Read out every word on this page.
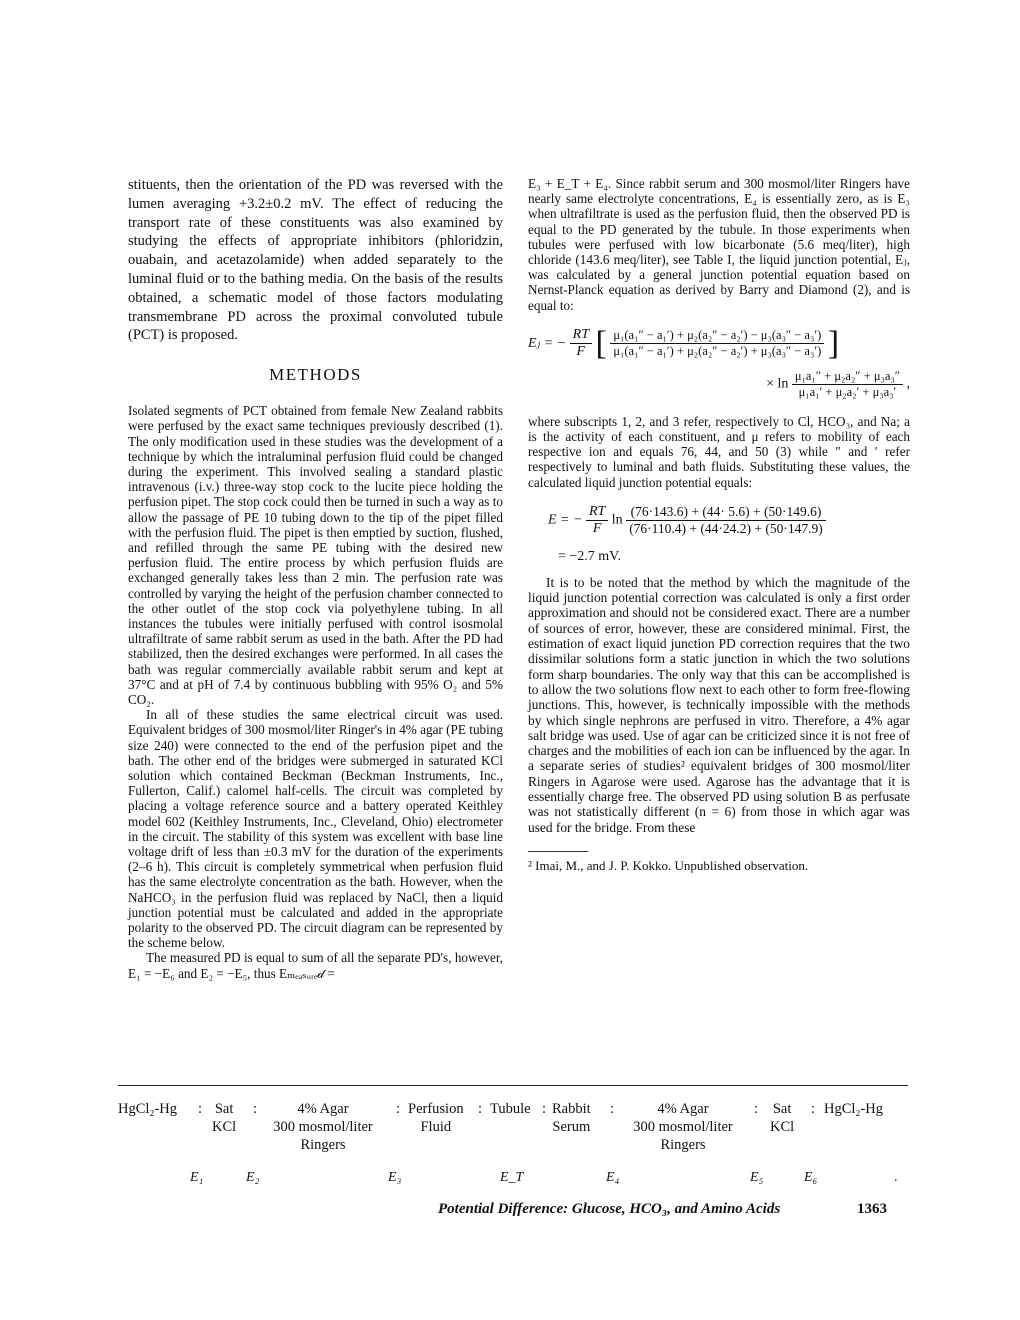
stituents, then the orientation of the PD was reversed with the lumen averaging +3.2±0.2 mV. The effect of reducing the transport rate of these constituents was also examined by studying the effects of appropriate inhibitors (phloridzin, ouabain, and acetazolamide) when added separately to the luminal fluid or to the bathing media. On the basis of the results obtained, a schematic model of those factors modulating transmembrane PD across the proximal convoluted tubule (PCT) is proposed.

METHODS

Isolated segments of PCT obtained from female New Zealand rabbits were perfused by the exact same techniques previously described (1). The only modification used in these studies was the development of a technique by which the intraluminal perfusion fluid could be changed during the experiment. This involved sealing a standard plastic intravenous (i.v.) three-way stop cock to the lucite piece holding the perfusion pipet. The stop cock could then be turned in such a way as to allow the passage of PE 10 tubing down to the tip of the pipet filled with the perfusion fluid. The pipet is then emptied by suction, flushed, and refilled through the same PE tubing with the desired new perfusion fluid. The entire process by which perfusion fluids are exchanged generally takes less than 2 min. The perfusion rate was controlled by varying the height of the perfusion chamber connected to the other outlet of the stop cock via polyethylene tubing. In all instances the tubules were initially perfused with control isosmolal ultrafiltrate of same rabbit serum as used in the bath. After the PD had stabilized, then the desired exchanges were performed. In all cases the bath was regular commercially available rabbit serum and kept at 37°C and at pH of 7.4 by continuous bubbling with 95% O₂ and 5% CO₂.

In all of these studies the same electrical circuit was used. Equivalent bridges of 300 mosmol/liter Ringer's in 4% agar (PE tubing size 240) were connected to the end of the perfusion pipet and the bath. The other end of the bridges were submerged in saturated KCl solution which contained Beckman (Beckman Instruments, Inc., Fullerton, Calif.) calomel half-cells. The circuit was completed by placing a voltage reference source and a battery operated Keithley model 602 (Keithley Instruments, Inc., Cleveland, Ohio) electrometer in the circuit. The stability of this system was excellent with base line voltage drift of less than ±0.3 mV for the duration of the experiments (2–6 h). This circuit is completely symmetrical when perfusion fluid has the same electrolyte concentration as the bath. However, when the NaHCO₃ in the perfusion fluid was replaced by NaCl, then a liquid junction potential must be calculated and added in the appropriate polarity to the observed PD. The circuit diagram can be represented by the scheme below.

The measured PD is equal to sum of all the separate PD's, however, E₁ = −E₆ and E₂ = −E₅, thus Eₘₑₐₛᵤᵣₑ𝒹 =

E₃ + E_T + E₄. Since rabbit serum and 300 mosmol/liter Ringers have nearly same electrolyte concentrations, E₄ is essentially zero, as is E₃ when ultrafiltrate is used as the perfusion fluid, then the observed PD is equal to the PD generated by the tubule. In those experiments when tubules were perfused with low bicarbonate (5.6 meq/liter), high chloride (143.6 meq/liter), see Table I, the liquid junction potential, Eⱼ, was calculated by a general junction potential equation based on Nernst-Planck equation as derived by Barry and Diamond (2), and is equal to:

Eⱼ = − $\frac{RT}{F}$ [ $\frac{\text{μ₁(a₁″ − a₁′) + μ₂(a₂″ − a₂′) − μ₃(a₃″ − a₃′)}}{\text{μ₁(a₁″ − a₁′) + μ₂(a₂″ − a₂′) + μ₃(a₃″ − a₃′)}}$ ]
× $\ln \frac{\text{μ₁a₁″ + μ₂a₂″ + μ₃a₃″}}{\text{μ₁a₁′ + μ₂a₂′ + μ₃a₃′}}$ ,

where subscripts 1, 2, and 3 refer, respectively to Cl, HCO₃, and Na; a is the activity of each constituent, and μ refers to mobility of each respective ion and equals 76, 44, and 50 (3) while ″ and ′ refer respectively to luminal and bath fluids. Substituting these values, the calculated liquid junction potential equals:

E = − $\frac{RT}{F}$ $\ln \frac{(76\cdot 143.6) + (44\cdot 5.6) + (50\cdot 149.6)}{(76\cdot 110.4) + (44\cdot 24.2) + (50\cdot 147.9)}$
= −2.7 mV.

It is to be noted that the method by which the magnitude of the liquid junction potential correction was calculated is only a first order approximation and should not be considered exact. There are a number of sources of error, however, these are considered minimal. First, the estimation of exact liquid junction PD correction requires that the two dissimilar solutions form a static junction in which the two solutions form sharp boundaries. The only way that this can be accomplished is to allow the two solutions flow next to each other to form free-flowing junctions. This, however, is technically impossible with the methods by which single nephrons are perfused in vitro. Therefore, a 4% agar salt bridge was used. Use of agar can be criticized since it is not free of charges and the mobilities of each ion can be influenced by the agar. In a separate series of studies² equivalent bridges of 300 mosmol/liter Ringers in Agarose were used. Agarose has the advantage that it is essentially charge free. The observed PD using solution B as perfusate was not statistically different (n = 6) from those in which agar was used for the bridge. From these

² Imai, M., and J. P. Kokko. Unpublished observation.

HgCl₂-Hg : Sat
KCl
:	4% Agar
300 mosmol/liter
Ringers
: Perfusion
Fluid
: Tubule : Rabbit
Serum
:	4% Agar
300 mosmol/liter
Ringers
: Sat
KCl
: HgCl₂-Hg
E₁	E₂	E₃	E_T	E₄	E₅	E₆	.
Potential Difference: Glucose, HCO₃, and Amino Acids	1363
